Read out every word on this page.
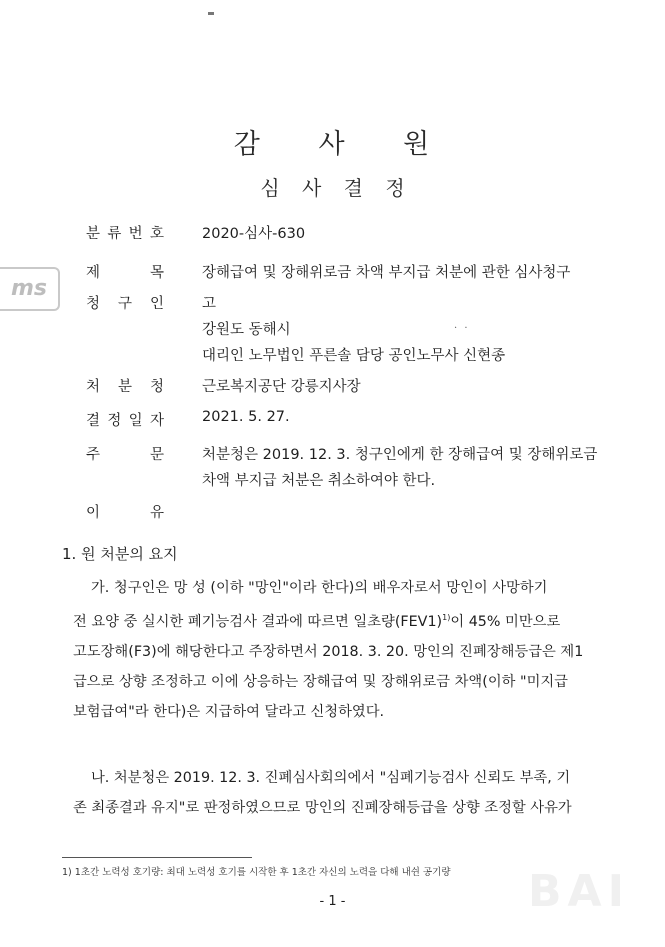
감 사 원
심 사 결 정
ms
분 류 번 호	2020-심사-630
제	목	장해급여 및 장해위로금 차액 부지급 처분에 관한 심사청구
청 구 인	고
강원도 동해시	· ·
대리인 노무법인 푸른솔 담당 공인노무사 신현종
처 분 청	근로복지공단 강릉지사장
결 정 일 자	2021. 5. 27.
주	문	처분청은 2019. 12. 3. 청구인에게 한 장해급여 및 장해위로금
차액 부지급 처분은 취소하여야 한다.
이	유
1. 원 처분의 요지
가. 청구인은 망 성 (이하 "망인"이라 한다)의 배우자로서 망인이 사망하기
전 요양 중 실시한 폐기능검사 결과에 따르면 일초량$(FEV1)^{1)}$이 45% 미만으로
고도장해(F3)에 해당한다고 주장하면서 2018. 3. 20. 망인의 진폐장해등급은 제1
급으로 상향 조정하고 이에 상응하는 장해급여 및 장해위로금 차액(이하 "미지급
보험급여"라 한다)은 지급하여 달라고 신청하였다.
나. 처분청은 2019. 12. 3. 진폐심사회의에서 "심폐기능검사 신뢰도 부족, 기
존 최종결과 유지"로 판정하였으므로 망인의 진폐장해등급을 상향 조정할 사유가
1) 1초간 노력성 호기량: 최대 노력성 호기를 시작한 후 1초간 자신의 노력을 다해 내쉰 공기량 BAI
- 1 -
